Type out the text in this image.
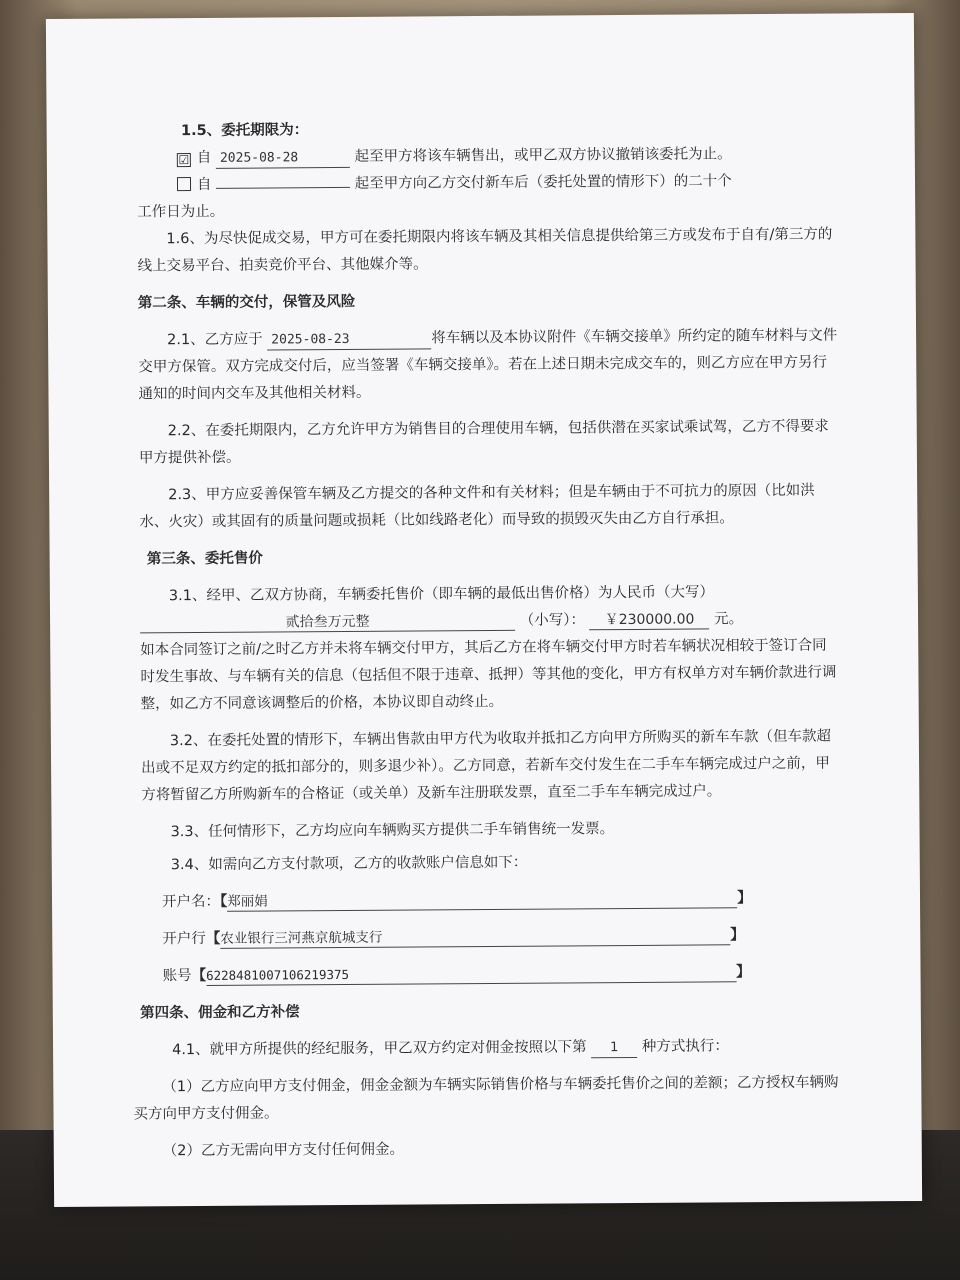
1.5、委托期限为：

☑ 自 2025-08-28	起至甲方将该车辆售出，或甲乙双方协议撤销该委托为止。
自	起至甲方向乙方交付新车后（委托处置的情形下）的二十个
工作日为止。

1.6、为尽快促成交易，甲方可在委托期限内将该车辆及其相关信息提供给第三方或发布于自有/第三方的线上交易平台、拍卖竞价平台、其他媒介等。

第二条、车辆的交付，保管及风险

2.1、乙方应于 2025-08-23	将车辆以及本协议附件《车辆交接单》所约定的随车材料与文件交甲方保管。双方完成交付后，应当签署《车辆交接单》。若在上述日期未完成交车的，则乙方应在甲方另行通知的时间内交车及其他相关材料。

2.2、在委托期限内，乙方允许甲方为销售目的合理使用车辆，包括供潜在买家试乘试驾，乙方不得要求甲方提供补偿。

2.3、甲方应妥善保管车辆及乙方提交的各种文件和有关材料；但是车辆由于不可抗力的原因（比如洪水、火灾）或其固有的质量问题或损耗（比如线路老化）而导致的损毁灭失由乙方自行承担。

第三条、委托售价

3.1、经甲、乙双方协商，车辆委托售价（即车辆的最低出售价格）为人民币（大写）

贰拾叁万元整	（小写）： ￥230000.00 元。

如本合同签订之前/之时乙方并未将车辆交付甲方，其后乙方在将车辆交付甲方时若车辆状况相较于签订合同时发生事故、与车辆有关的信息（包括但不限于违章、抵押）等其他的变化，甲方有权单方对车辆价款进行调整，如乙方不同意该调整后的价格，本协议即自动终止。

3.2、在委托处置的情形下，车辆出售款由甲方代为收取并抵扣乙方向甲方所购买的新车车款（但车款超出或不足双方约定的抵扣部分的，则多退少补）。乙方同意，若新车交付发生在二手车车辆完成过户之前，甲方将暂留乙方所购新车的合格证（或关单）及新车注册联发票，直至二手车车辆完成过户。

3.3、任何情形下，乙方均应向车辆购买方提供二手车销售统一发票。

3.4、如需向乙方支付款项，乙方的收款账户信息如下：

开户名：【郑丽娟	】
开户行【农业银行三河燕京航城支行	】
账号【6228481007106219375	】

第四条、佣金和乙方补偿

4.1、就甲方所提供的经纪服务，甲乙双方约定对佣金按照以下第 1 种方式执行：

（1）乙方应向甲方支付佣金，佣金金额为车辆实际销售价格与车辆委托售价之间的差额；乙方授权车辆购买方向甲方支付佣金。

（2）乙方无需向甲方支付任何佣金。
